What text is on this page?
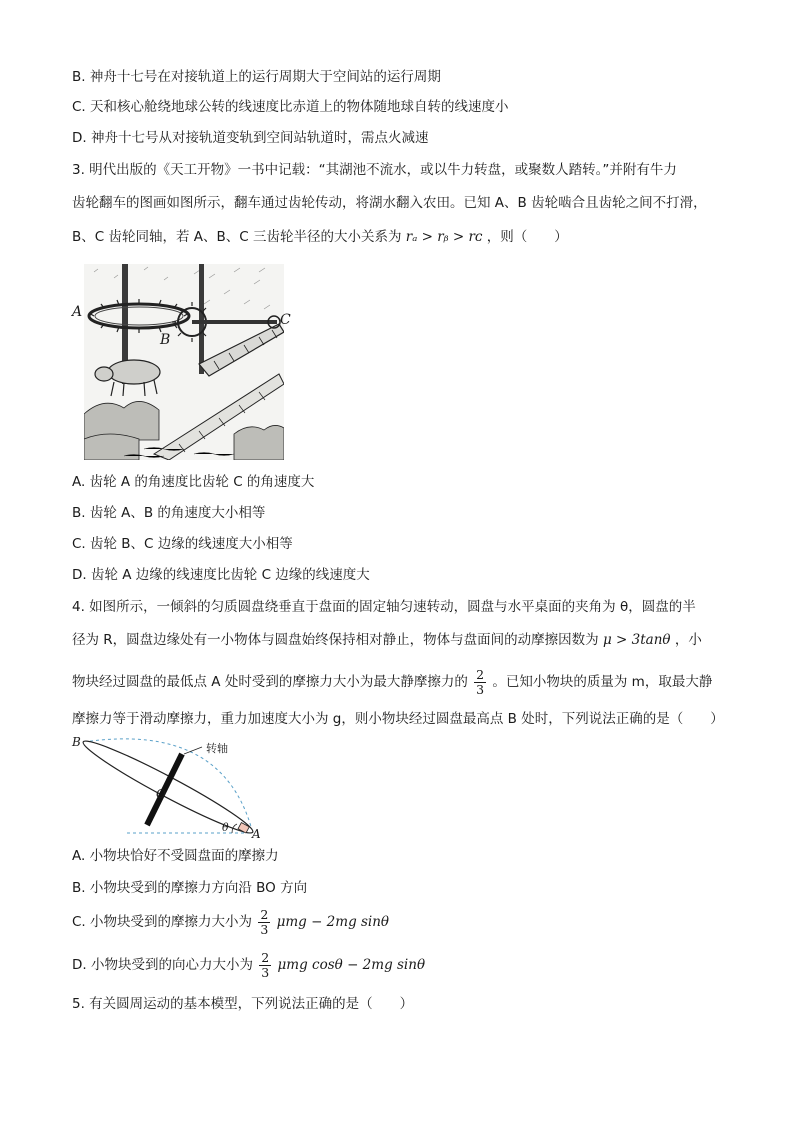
B. 神舟十七号在对接轨道上的运行周期大于空间站的运行周期
C. 天和核心舱绕地球公转的线速度比赤道上的物体随地球自转的线速度小
D. 神舟十七号从对接轨道变轨到空间站轨道时，需点火减速
3. 明代出版的《天工开物》一书中记载：“其湖池不流水，或以牛力转盘，或聚数人踏转。”并附有牛力
齿轮翻车的图画如图所示，翻车通过齿轮传动，将湖水翻入农田。已知 A、B 齿轮啮合且齿轮之间不打滑，
B、C 齿轮同轴，若 A、B、C 三齿轮半径的大小关系为 rₐ > rᵦ > rᴄ ，则（　　）
A
B
C
A. 齿轮 A 的角速度比齿轮 C 的角速度大
B. 齿轮 A、B 的角速度大小相等
C. 齿轮 B、C 边缘的线速度大小相等
D. 齿轮 A 边缘的线速度比齿轮 C 边缘的线速度大
4. 如图所示，一倾斜的匀质圆盘绕垂直于盘面的固定轴匀速转动，圆盘与水平桌面的夹角为 θ，圆盘的半
径为 R，圆盘边缘处有一小物体与圆盘始终保持相对静止，物体与盘面间的动摩擦因数为 μ > 3tanθ ，小
物块经过圆盘的最低点 A 处时受到的摩擦力大小为最大静摩擦力的 $\frac{2}{3}$ 。已知小物块的质量为 m，取最大静
摩擦力等于滑动摩擦力，重力加速度大小为 g，则小物块经过圆盘最高点 B 处时，下列说法正确的是（　　）
B
O
A
θ
转轴
A. 小物块恰好不受圆盘面的摩擦力
B. 小物块受到的摩擦力方向沿 BO 方向
C. 小物块受到的摩擦力大小为 $\frac{2}{3}$ μmg − 2mg sinθ
D. 小物块受到的向心力大小为 $\frac{2}{3}$ μmg cosθ − 2mg sinθ
5. 有关圆周运动的基本模型，下列说法正确的是（　　）
